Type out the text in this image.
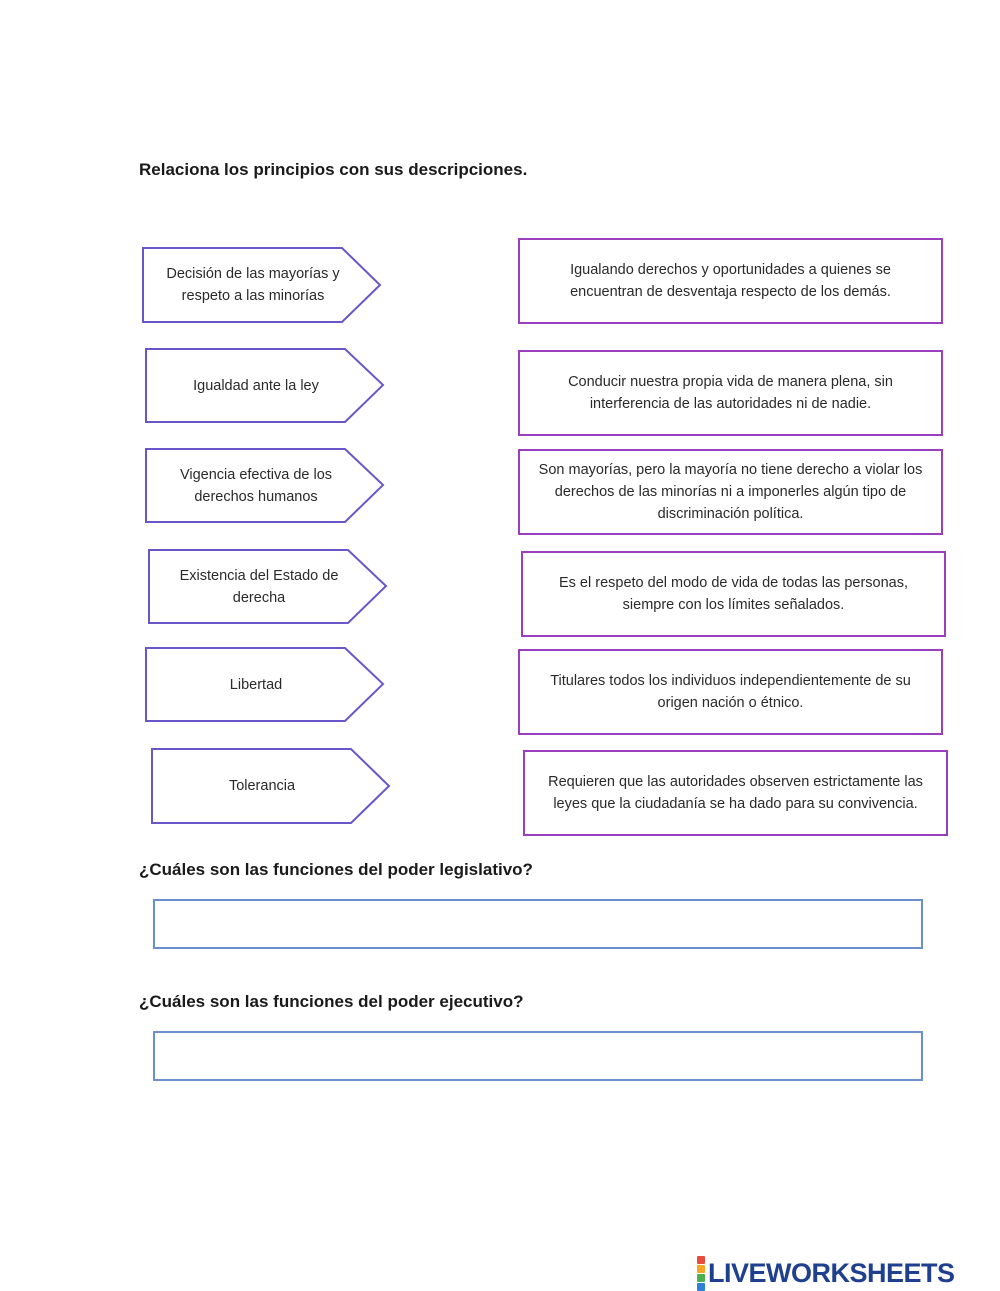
Relaciona los principios con sus descripciones.
Decisión de las mayorías y respeto a las minorías
Igualdad ante la ley
Vigencia efectiva de los derechos humanos
Existencia del Estado de derecha
Libertad
Tolerancia
Igualando derechos y oportunidades a quienes se encuentran de desventaja respecto de los demás.
Conducir nuestra propia vida de manera plena, sin interferencia de las autoridades ni de nadie.
Son mayorías, pero la mayoría no tiene derecho a violar los derechos de las minorías ni a imponerles algún tipo de discriminación política.
Es el respeto del modo de vida de todas las personas, siempre con los límites señalados.
Titulares todos los individuos independientemente de su origen nación o étnico.
Requieren que las autoridades observen estrictamente las leyes que la ciudadanía se ha dado para su convivencia.
¿Cuáles son las funciones del poder legislativo?
¿Cuáles son las funciones del poder ejecutivo?
LIVEWORKSHEETS
